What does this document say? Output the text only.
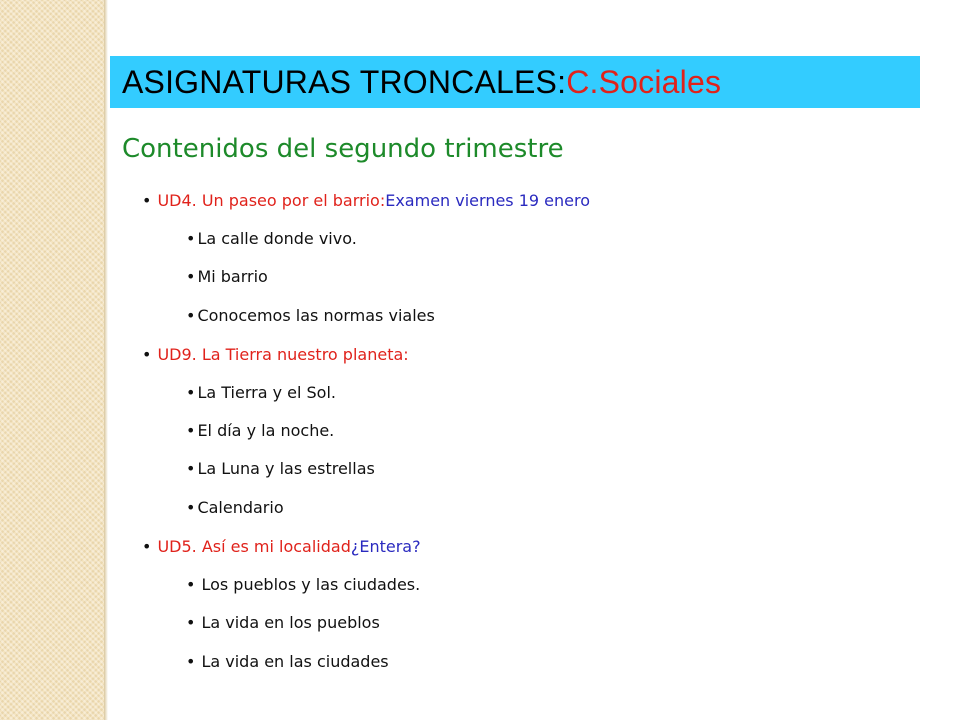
ASIGNATURAS TRONCALES: C.Sociales
Contenidos del segundo trimestre
• UD4. Un paseo por el barrio: Examen viernes 19 enero
• La calle donde vivo.
• Mi barrio
• Conocemos las normas viales
• UD9. La Tierra nuestro planeta:
• La Tierra y el Sol.
• El día y la noche.
• La Luna y las estrellas
• Calendario
• UD5. Así es mi localidad ¿Entera?
• Los pueblos y las ciudades.
• La vida en los pueblos
• La vida en las ciudades
